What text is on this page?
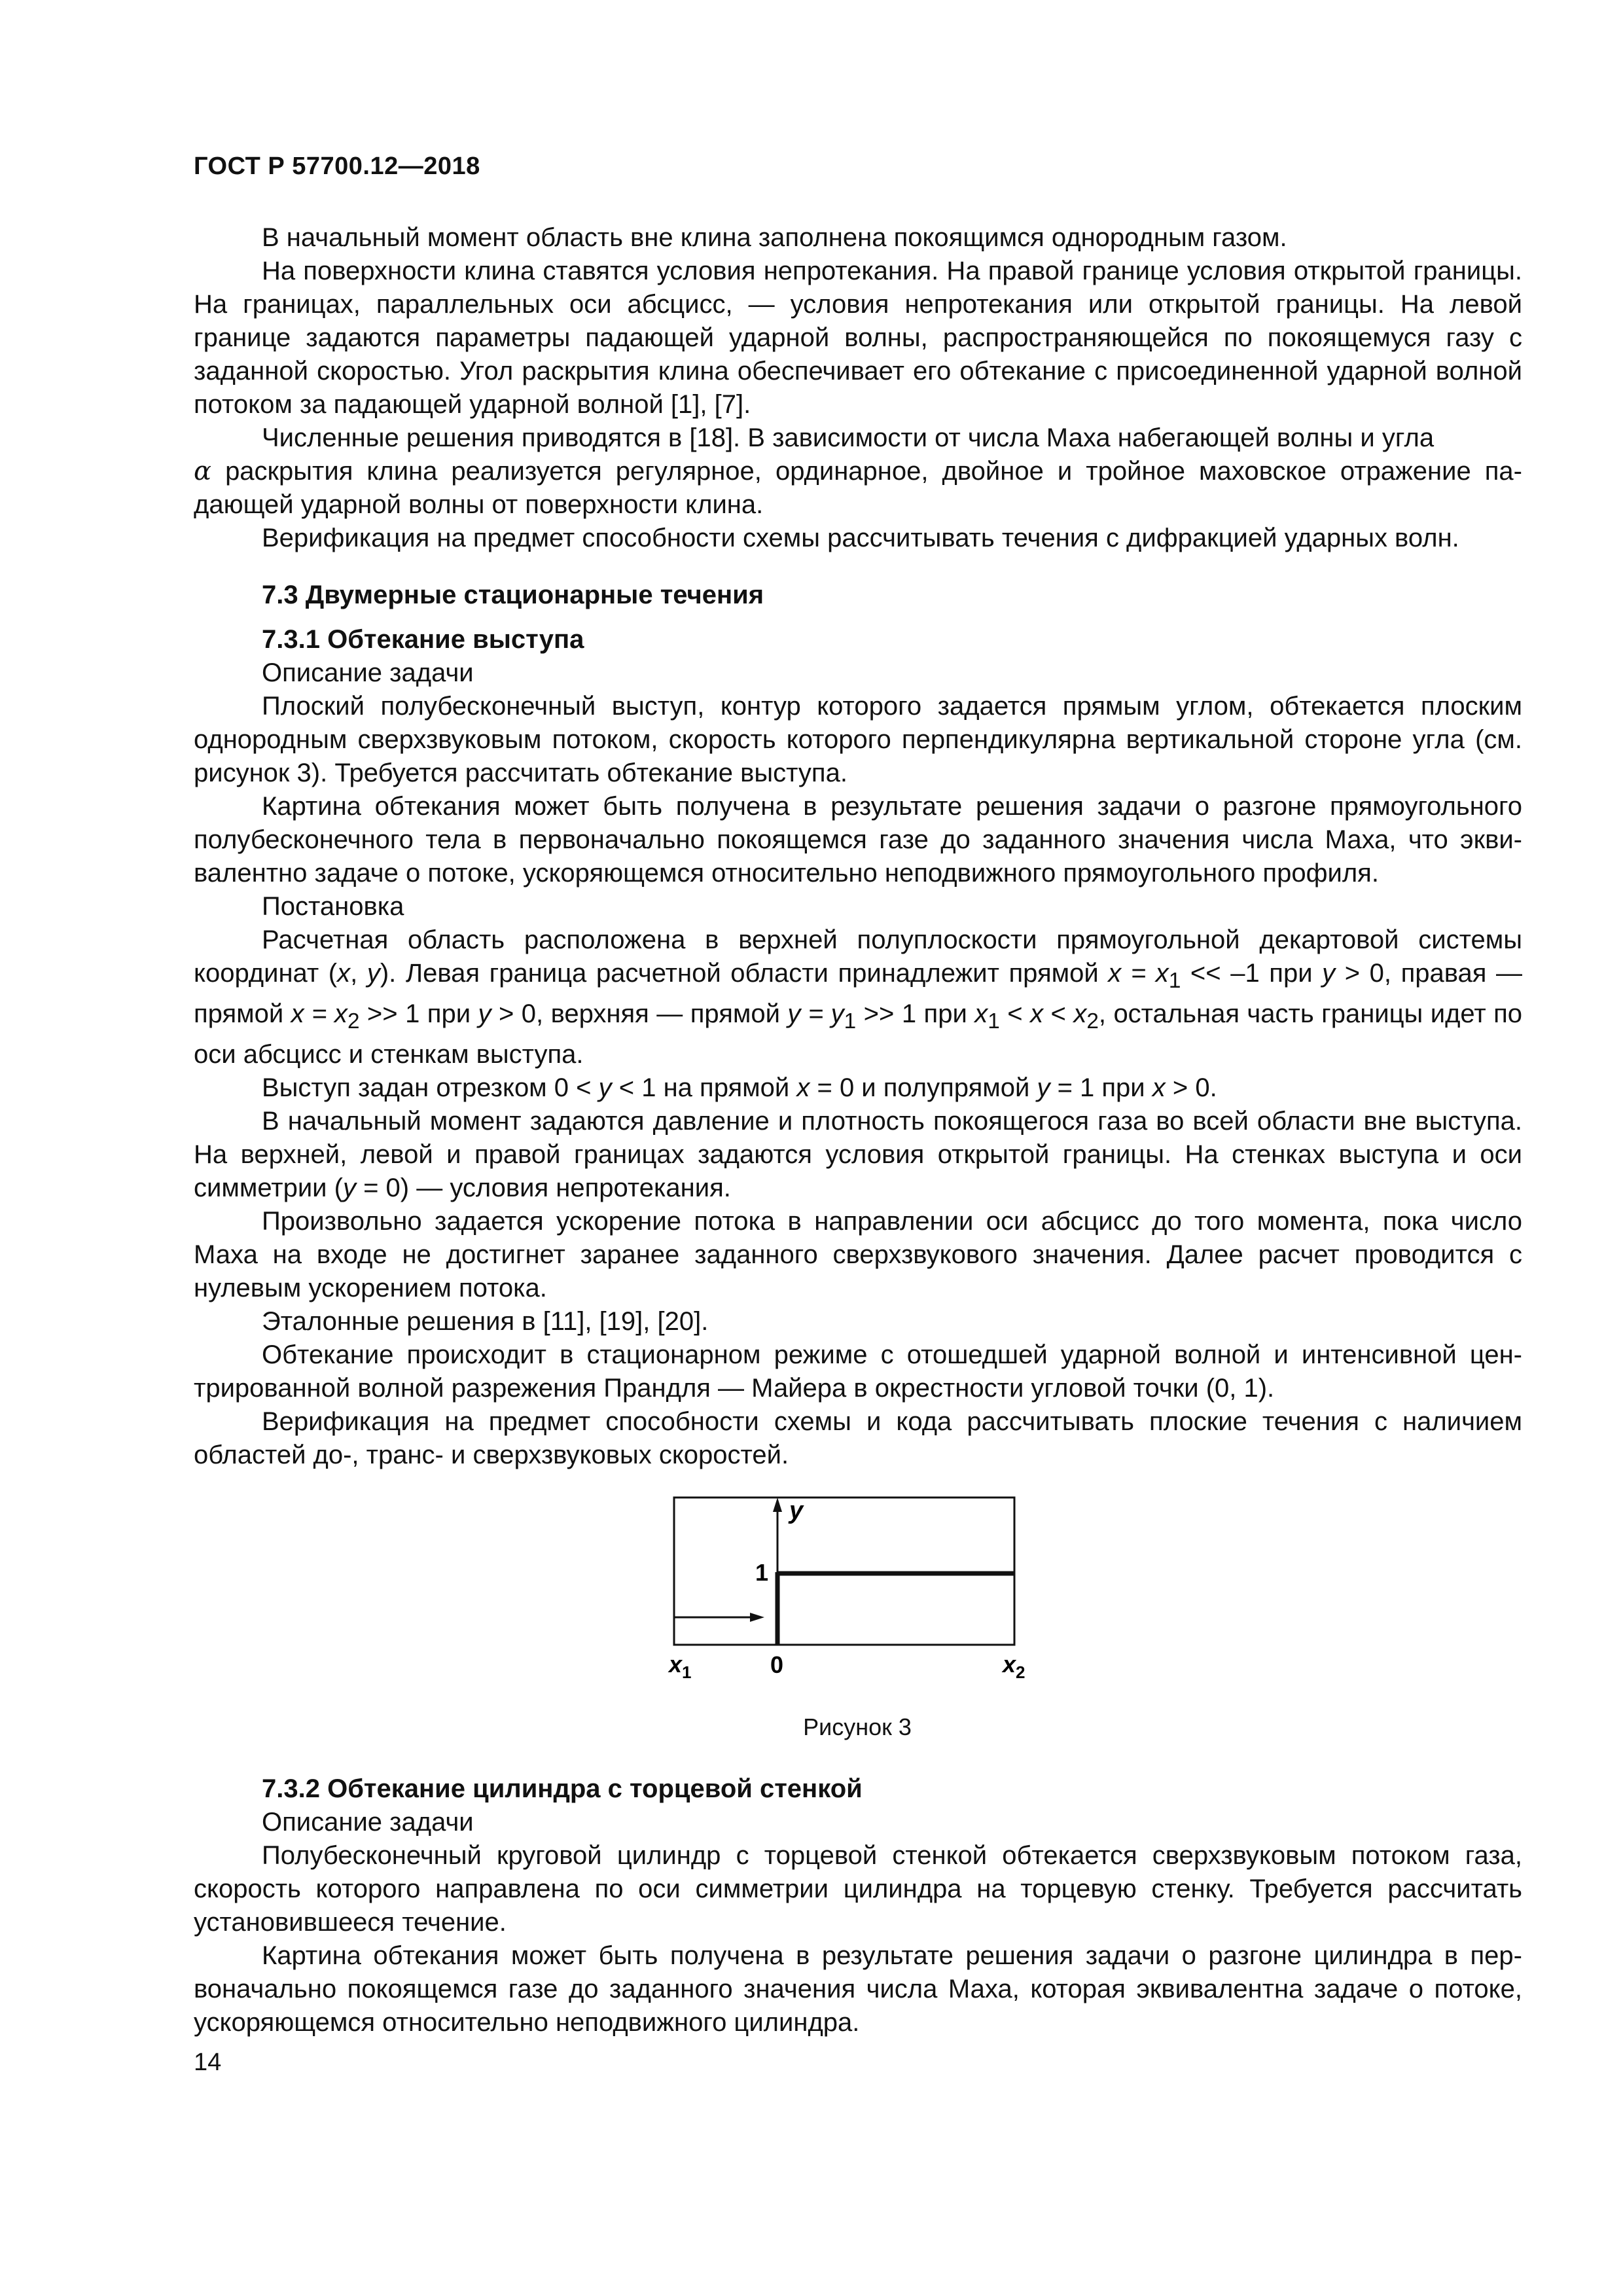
ГОСТ Р 57700.12—2018

В начальный момент область вне клина заполнена покоящимся однородным газом.

На поверхности клина ставятся условия непротекания. На правой границе условия открытой границы. На границах, параллельных оси абсцисс, — условия непротекания или открытой границы. На левой границе задаются параметры падающей ударной волны, распространяющейся по покоящемуся газу с заданной скоростью. Угол раскрытия клина обеспечивает его обтекание с присоединенной ударной волной потоком за падающей ударной волной [1], [7].

Численные решения приводятся в [18]. В зависимости от числа Маха набегающей волны и угла
α раскрытия клина реализуется регулярное, ординарное, двойное и тройное маховское отражение падающей ударной волны от поверхности клина.

Верификация на предмет способности схемы рассчитывать течения с дифракцией ударных волн.

7.3 Двумерные стационарные течения

7.3.1 Обтекание выступа

Описание задачи

Плоский полубесконечный выступ, контур которого задается прямым углом, обтекается плоским однородным сверхзвуковым потоком, скорость которого перпендикулярна вертикальной стороне угла (см. рисунок 3). Требуется рассчитать обтекание выступа.

Картина обтекания может быть получена в результате решения задачи о разгоне прямоугольного полубесконечного тела в первоначально покоящемся газе до заданного значения числа Маха, что эквивалентно задаче о потоке, ускоряющемся относительно неподвижного прямоугольного профиля.

Постановка

Расчетная область расположена в верхней полуплоскости прямоугольной декартовой системы координат (x, y). Левая граница расчетной области принадлежит прямой $x = x_1 << -1$ при y > 0, правая — прямой $x = x_2 >> 1$ при y > 0, верхняя — прямой $y = y_1 >> 1$ при $x_1 < x < x_2$, остальная часть границы идет по оси абсцисс и стенкам выступа.

Выступ задан отрезком 0 < y < 1 на прямой x = 0 и полупрямой y = 1 при x > 0.

В начальный момент задаются давление и плотность покоящегося газа во всей области вне выступа. На верхней, левой и правой границах задаются условия открытой границы. На стенках выступа и оси симметрии (y = 0) — условия непротекания.

Произвольно задается ускорение потока в направлении оси абсцисс до того момента, пока число Маха на входе не достигнет заранее заданного сверхзвукового значения. Далее расчет проводится с нулевым ускорением потока.

Эталонные решения в [11], [19], [20].

Обтекание происходит в стационарном режиме с отошедшей ударной волной и интенсивной центрированной волной разрежения Прандля — Майера в окрестности угловой точки (0, 1).

Верификация на предмет способности схемы и кода рассчитывать плоские течения с наличием областей до-, транс- и сверхзвуковых скоростей.

y
1
0
$x_1$	$x_2$
Рисунок 3

7.3.2 Обтекание цилиндра с торцевой стенкой

Описание задачи

Полубесконечный круговой цилиндр с торцевой стенкой обтекается сверхзвуковым потоком газа, скорость которого направлена по оси симметрии цилиндра на торцевую стенку. Требуется рассчитать установившееся течение.

Картина обтекания может быть получена в результате решения задачи о разгоне цилиндра в первоначально покоящемся газе до заданного значения числа Маха, которая эквивалентна задаче о потоке, ускоряющемся относительно неподвижного цилиндра.

14
